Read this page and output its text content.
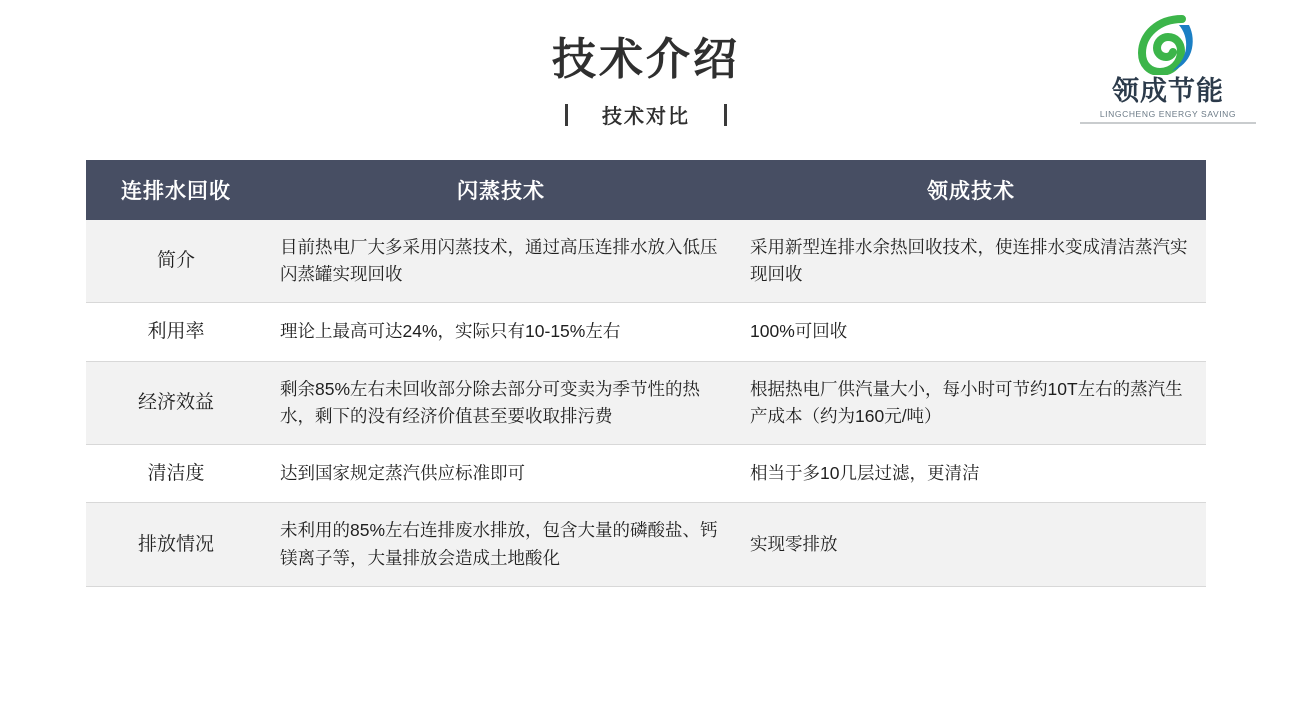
技术介绍
技术对比
领成节能
LINGCHENG ENERGY SAVING
连排水回收	闪蒸技术	领成技术
简介	目前热电厂大多采用闪蒸技术，通过高压连排水放入低压闪蒸罐实现回收	采用新型连排水余热回收技术，使连排水变成清洁蒸汽实现回收
利用率	理论上最高可达24%，实际只有10-15%左右	100%可回收
经济效益	剩余85%左右未回收部分除去部分可变卖为季节性的热水，剩下的没有经济价值甚至要收取排污费	根据热电厂供汽量大小，每小时可节约10T左右的蒸汽生产成本（约为160元/吨）
清洁度	达到国家规定蒸汽供应标准即可	相当于多10几层过滤，更清洁
排放情况	未利用的85%左右连排废水排放，包含大量的磷酸盐、钙镁离子等，大量排放会造成土地酸化	实现零排放
